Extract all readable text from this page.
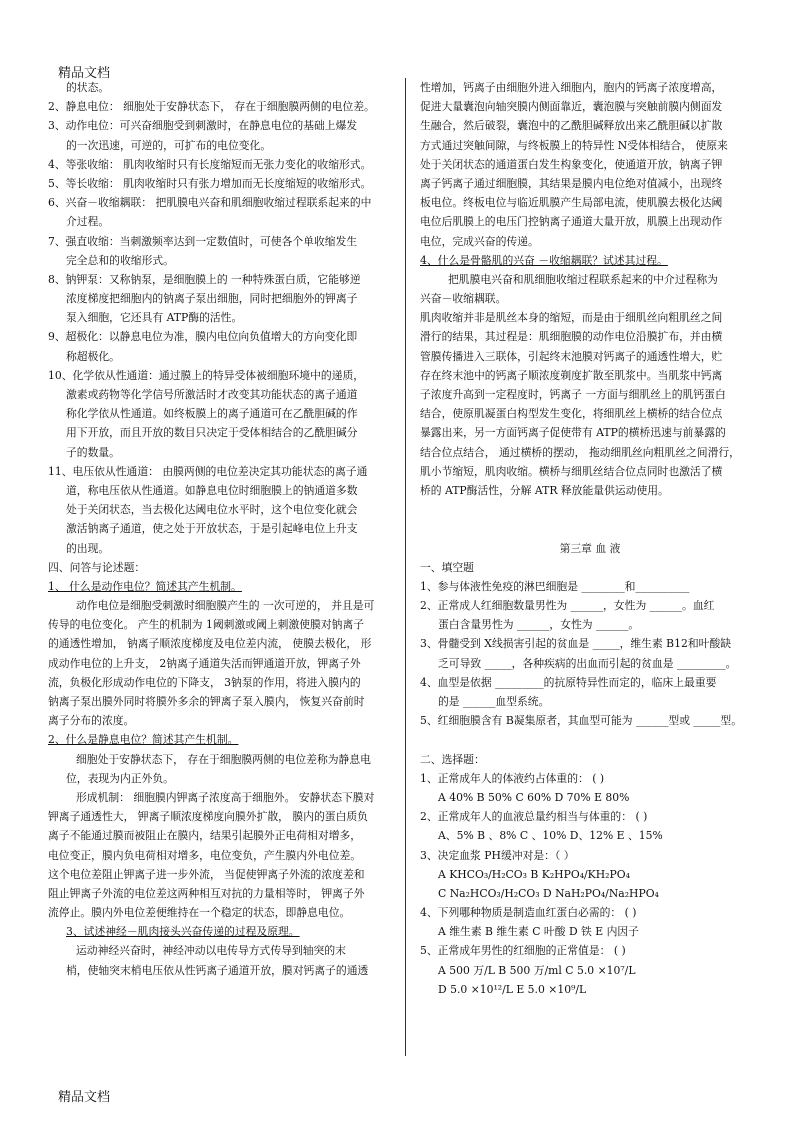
精品文档
的状态。
2、静息电位： 细胞处于安静状态下， 存在于细胞膜两侧的电位差。
3、动作电位：可兴奋细胞受到刺激时，在静息电位的基础上爆发
的一次迅速，可逆的，可扩布的电位变化。
4、等张收缩： 肌肉收缩时只有长度缩短而无张力变化的收缩形式。
5、等长收缩： 肌肉收缩时只有张力增加而无长度缩短的收缩形式。
6、兴奋－收缩耦联： 把肌膜电兴奋和肌细胞收缩过程联系起来的中
介过程。
7、强直收缩：当刺激频率达到一定数值时，可使各个单收缩发生
完全总和的收缩形式。
8、钠钾泵：又称钠泵，是细胞膜上的 一种特殊蛋白质，它能够逆
浓度梯度把细胞内的钠离子泵出细胞，同时把细胞外的钾离子
泵入细胞，它还具有 ATP酶的活性。
9、超极化：以静息电位为准，膜内电位向负值增大的方向变化即
称超极化。
10、化学依从性通道：通过膜上的特异受体被细胞环境中的递质，
激素或药物等化学信号所激活时才改变其功能状态的离子通道
称化学依从性通道。如终板膜上的离子通道可在乙酰胆碱的作
用下开放，而且开放的数目只决定于受体相结合的乙酰胆碱分
子的数量。
11、电压依从性通道： 由膜两侧的电位差决定其功能状态的离子通
道，称电压依从性通道。如静息电位时细胞膜上的钠通道多数
处于关闭状态，当去极化达阈电位水平时，这个电位变化就会
激活钠离子通道，使之处于开放状态，于是引起峰电位上升支
的出现。
四、问答与论述题：
1、 什么是动作电位？简述其产生机制。
动作电位是细胞受刺激时细胞膜产生的 一次可逆的， 并且是可
传导的电位变化。 产生的机制为 1阈刺激或阈上刺激使膜对钠离子
的通透性增加， 钠离子顺浓度梯度及电位差内流， 使膜去极化， 形
成动作电位的上升支， 2钠离子通道失活而钾通道开放，钾离子外
流，负极化形成动作电位的下降支， 3钠泵的作用，将进入膜内的
钠离子泵出膜外同时将膜外多余的钾离子泵入膜内， 恢复兴奋前时
离子分布的浓度。
2、什么是静息电位？简述其产生机制。
细胞处于安静状态下， 存在于细胞膜两侧的电位差称为静息电
位，表现为内正外负。
形成机制： 细胞膜内钾离子浓度高于细胞外。 安静状态下膜对
钾离子通透性大， 钾离子顺浓度梯度向膜外扩散， 膜内的蛋白质负
离子不能通过膜而被阻止在膜内，结果引起膜外正电荷相对增多，
电位变正，膜内负电荷相对增多，电位变负，产生膜内外电位差。
这个电位差阻止钾离子进一步外流， 当促使钾离子外流的浓度差和
阻止钾离子外流的电位差这两种相互对抗的力量相等时， 钾离子外
流停止。膜内外电位差便维持在一个稳定的状态，即静息电位。
3、试述神经－肌肉接头兴奋传递的过程及原理。
运动神经兴奋时，神经冲动以电传导方式传导到轴突的末
梢，使轴突末梢电压依从性钙离子通道开放，膜对钙离子的通透
性增加，钙离子由细胞外进入细胞内，胞内的钙离子浓度增高，
促进大量囊泡向轴突膜内侧面靠近，囊泡膜与突触前膜内侧面发
生融合，然后破裂，囊泡中的乙酰胆碱释放出来乙酰胆碱以扩散
方式通过突触间隙，与终板膜上的特异性 N受体相结合， 使原来
处于关闭状态的通道蛋白发生构象变化，使通道开放，钠离子钾
离子钙离子通过细胞膜，其结果是膜内电位绝对值减小，出现终
板电位。终板电位与临近肌膜产生局部电流，使肌膜去极化达阈
电位后肌膜上的电压门控钠离子通道大量开放，肌膜上出现动作
电位，完成兴奋的传递。
4、什么是骨骼肌的兴奋 －收缩耦联？试述其过程。
把肌膜电兴奋和肌细胞收缩过程联系起来的中介过程称为
兴奋－收缩耦联。
肌肉收缩并非是肌丝本身的缩短，而是由于细肌丝向粗肌丝之间
滑行的结果，其过程是：肌细胞膜的动作电位沿膜扩布，并由横
管膜传播进入三联体，引起终末池膜对钙离子的通透性增大，贮
存在终末池中的钙离子顺浓度剃度扩散至肌浆中。当肌浆中钙离
子浓度升高到一定程度时，钙离子 一方面与细肌丝上的肌钙蛋白
结合，使原肌凝蛋白构型发生变化，将细肌丝上横桥的结合位点
暴露出来，另一方面钙离子促使带有 ATP的横桥迅速与前暴露的
结合位点结合， 通过横桥的摆动， 拖动细肌丝向粗肌丝之间滑行，
肌小节缩短，肌肉收缩。横桥与细肌丝结合位点同时也激活了横
桥的 ATP酶活性，分解 ATR 释放能量供运动使用。
第三章 血 液
一、填空题
1、参与体液性免疫的淋巴细胞是 ________和__________
2、正常成人红细胞数量男性为 ______，女性为 ______。血红
蛋白含量男性为 ______，女性为 ______。
3、骨髓受到 X线损害引起的贫血是 _____，维生素 B12和叶酸缺
乏可导致 _____，各种疾病的出血而引起的贫血是 _________。
4、血型是依据 _________的抗原特异性而定的，临床上最重要
的是 ______血型系统。
5、红细胞膜含有 B凝集原者，其血型可能为 ______型或 _____型。
二、选择题：
1、正常成年人的体液约占体重的： ( )
A 40% B 50% C 60% D 70% E 80%
2、正常成年人的血液总量约相当与体重的： ( )
A、5% B 、8% C 、10% D、12% E 、15%
3、决定血浆 PH缓冲对是：（ ）
A KHCO₃/H₂CO₃ B K₂HPO₄/KH₂PO₄
C Na₂HCO₃/H₂CO₃ D NaH₂PO₄/Na₂HPO₄
4、下列哪种物质是制造血红蛋白必需的： ( )
A 维生素 B 维生素 C 叶酸 D 铁 E 内因子
5、正常成年男性的红细胞的正常值是： ( )
A 500 万/L B 500 万/ml C 5.0 ×10⁷/L
D 5.0 ×10¹²/L E 5.0 ×10⁹/L
精品文档
